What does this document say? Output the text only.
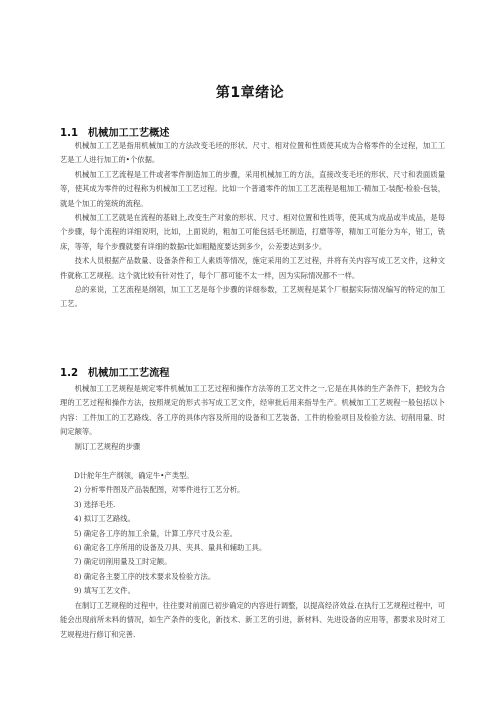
第1章绪论
1.1 机械加工工艺概述

机械加工工艺是指用机械加工的方法改变毛坯的形状、尺寸、相对位置和性质使其成为合格零件的全过程，加工工艺是工人进行加工的•个依据。

机械加工工艺流程是工件或者零件制造加工的步骤，采用机械加工的方法，直接改变毛坯的形状、尺寸和表面质量等，使其成为零件的过程称为机械加工工艺过程。比如一个普通零件的加工工艺流程是粗加工-精加工-装配-检验-包装，就是个加工的笼统的流程。

机械加工工艺就是在流程的基础上,改变生产对象的形状、尺寸、相对位置和性质等，使其成为成品或半成品，是每个步骤，每个流程的详细说明，比如，上面说的，粗加工可能包括毛坯制造，打磨等等，精加工可能分为车，钳工，铣床，等等，每个步骤就要有详细的数据r比如粗糙度要达到多少，公差要达到多少。

技术人员根据产品数量、设备条件和工人素质等情况，施定采用的工艺过程，并将有关内容写成工艺文件，这种文件就称工艺规程。这个就比较有针对性了，每个厂都可能不太一样，因为实际情况都不一样。

总的来说，工艺流程是纲领，加工工艺是每个步骤的详细参数，工艺规程是某个厂根据实际情况编写的特定的加工工艺。

1.2 机械加工工艺流程

机械加工工艺规程是规定零件机械加工工艺过程和操作方法等的工艺文件之一,它是在具体的生产条件下，把较为合理的工艺过程和操作方法，按照规定的形式书写成工艺文件，经审批后用来指导生产。机械加工工艺规程一般包括以卜内容：工件加工的工艺路线、各工序的具体内容及所用的设备和工艺装备、工件的检验项目及检验方法、切削用量、时间定额等。

制订工艺规程的步骤

D计舵年生产纲领，确定牛•产类型。
2) 分析零件图及产品装配图，对零件进行工艺分析。
3) 选择毛坯.
4) 拟订工艺路线。
5) 确定各工序的加工余量，计算工序尺寸及公差。
6) 确定各工序所用的设备及刀具、夹具、量具和辅助工具。
7) 确定切削用量及工时定额。
8) 确定各主要工序的技术要求及检验方法。
9) 填写工艺文件。

在制订工艺规程的过程中，往往要对前面已初步确定的内容进行调整，以提高经济效益.在执行工艺规程过程中，可能会出现前所未料的情况，如生产条件的变化，新技术、新工艺的引进，新材料、先进设备的应用等，都要求及时对工艺规程进行修订和完善.
